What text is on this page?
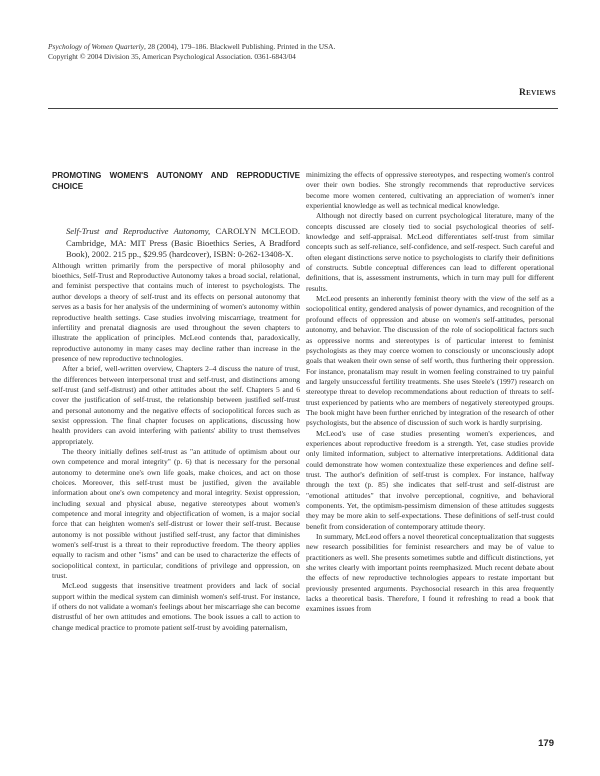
Psychology of Women Quarterly, 28 (2004), 179–186. Blackwell Publishing. Printed in the USA.
Copyright © 2004 Division 35, American Psychological Association. 0361-6843/04
Reviews
PROMOTING WOMEN'S AUTONOMY AND REPRODUCTIVE CHOICE

Self-Trust and Reproductive Autonomy, CAROLYN MCLEOD. Cambridge, MA: MIT Press (Basic Bioethics Series, A Bradford Book), 2002. 215 pp., $29.95 (hardcover), ISBN: 0-262-13408-X.

Although written primarily from the perspective of moral philosophy and bioethics, Self-Trust and Reproductive Autonomy takes a broad social, relational, and feminist perspective that contains much of interest to psychologists. The author develops a theory of self-trust and its effects on personal autonomy that serves as a basis for her analysis of the undermining of women's autonomy within reproductive health settings. Case studies involving miscarriage, treatment for infertility and prenatal diagnosis are used throughout the seven chapters to illustrate the application of principles. McLeod contends that, paradoxically, reproductive autonomy in many cases may decline rather than increase in the presence of new reproductive technologies.

After a brief, well-written overview, Chapters 2–4 discuss the nature of trust, the differences between interpersonal trust and self-trust, and distinctions among self-trust (and self-distrust) and other attitudes about the self. Chapters 5 and 6 cover the justification of self-trust, the relationship between justified self-trust and personal autonomy and the negative effects of sociopolitical forces such as sexist oppression. The final chapter focuses on applications, discussing how health providers can avoid interfering with patients' ability to trust themselves appropriately.

The theory initially defines self-trust as "an attitude of optimism about our own competence and moral integrity" (p. 6) that is necessary for the personal autonomy to determine one's own life goals, make choices, and act on those choices. Moreover, this self-trust must be justified, given the available information about one's own competency and moral integrity. Sexist oppression, including sexual and physical abuse, negative stereotypes about women's competence and moral integrity and objectification of women, is a major social force that can heighten women's self-distrust or lower their self-trust. Because autonomy is not possible without justified self-trust, any factor that diminishes women's self-trust is a threat to their reproductive freedom. The theory applies equally to racism and other "isms" and can be used to characterize the effects of sociopolitical context, in particular, conditions of privilege and oppression, on trust.

McLeod suggests that insensitive treatment providers and lack of social support within the medical system can diminish women's self-trust. For instance, if others do not validate a woman's feelings about her miscarriage she can become distrustful of her own attitudes and emotions. The book issues a call to action to change medical practice to promote patient self-trust by avoiding paternalism,

minimizing the effects of oppressive stereotypes, and respecting women's control over their own bodies. She strongly recommends that reproductive services become more women centered, cultivating an appreciation of women's inner experiential knowledge as well as technical medical knowledge.

Although not directly based on current psychological literature, many of the concepts discussed are closely tied to social psychological theories of self-knowledge and self-appraisal. McLeod differentiates self-trust from similar concepts such as self-reliance, self-confidence, and self-respect. Such careful and often elegant distinctions serve notice to psychologists to clarify their definitions of constructs. Subtle conceptual differences can lead to different operational definitions, that is, assessment instruments, which in turn may pull for different results.

McLeod presents an inherently feminist theory with the view of the self as a sociopolitical entity, gendered analysis of power dynamics, and recognition of the profound effects of oppression and abuse on women's self-attitudes, personal autonomy, and behavior. The discussion of the role of sociopolitical factors such as oppressive norms and stereotypes is of particular interest to feminist psychologists as they may coerce women to consciously or unconsciously adopt goals that weaken their own sense of self worth, thus furthering their oppression. For instance, pronatalism may result in women feeling constrained to try painful and largely unsuccessful fertility treatments. She uses Steele's (1997) research on stereotype threat to develop recommendations about reduction of threats to self-trust experienced by patients who are members of negatively stereotyped groups. The book might have been further enriched by integration of the research of other psychologists, but the absence of discussion of such work is hardly surprising.

McLeod's use of case studies presenting women's experiences, and experiences about reproductive freedom is a strength. Yet, case studies provide only limited information, subject to alternative interpretations. Additional data could demonstrate how women contextualize these experiences and define self-trust. The author's definition of self-trust is complex. For instance, halfway through the text (p. 85) she indicates that self-trust and self-distrust are "emotional attitudes" that involve perceptional, cognitive, and behavioral components. Yet, the optimism-pessimism dimension of these attitudes suggests they may be more akin to self-expectations. These definitions of self-trust could benefit from consideration of contemporary attitude theory.

In summary, McLeod offers a novel theoretical conceptualization that suggests new research possibilities for feminist researchers and may be of value to practitioners as well. She presents sometimes subtle and difficult distinctions, yet she writes clearly with important points reemphasized. Much recent debate about the effects of new reproductive technologies appears to restate important but previously presented arguments. Psychosocial research in this area frequently lacks a theoretical basis. Therefore, I found it refreshing to read a book that examines issues from

179
